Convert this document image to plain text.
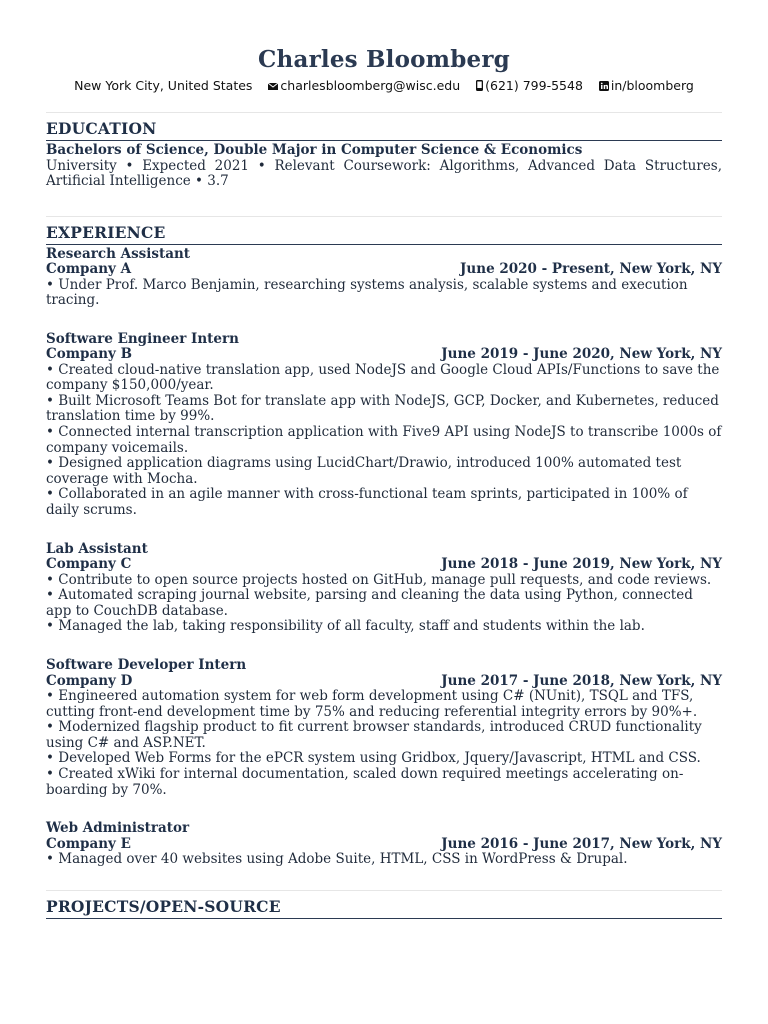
Charles Bloomberg
New York City, United States charlesbloomberg@wisc.edu (621) 799-5548 in/bloomberg
EDUCATION
Bachelors of Science, Double Major in Computer Science & Economics
University • Expected 2021 • Relevant Coursework: Algorithms, Advanced Data Structures, Artificial Intelligence • 3.7
EXPERIENCE
Research Assistant
Company A	June 2020 - Present, New York, NY
• Under Prof. Marco Benjamin, researching systems analysis, scalable systems and execution tracing.
Software Engineer Intern
Company B	June 2019 - June 2020, New York, NY
• Created cloud-native translation app, used NodeJS and Google Cloud APIs/Functions to save the company $150,000/year.
• Built Microsoft Teams Bot for translate app with NodeJS, GCP, Docker, and Kubernetes, reduced translation time by 99%.
• Connected internal transcription application with Five9 API using NodeJS to transcribe 1000s of company voicemails.
• Designed application diagrams using LucidChart/Drawio, introduced 100% automated test coverage with Mocha.
• Collaborated in an agile manner with cross-functional team sprints, participated in 100% of daily scrums.
Lab Assistant
Company C	June 2018 - June 2019, New York, NY
• Contribute to open source projects hosted on GitHub, manage pull requests, and code reviews.
• Automated scraping journal website, parsing and cleaning the data using Python, connected app to CouchDB database.
• Managed the lab, taking responsibility of all faculty, staff and students within the lab.
Software Developer Intern
Company D	June 2017 - June 2018, New York, NY
• Engineered automation system for web form development using C# (NUnit), TSQL and TFS, cutting front-end development time by 75% and reducing referential integrity errors by 90%+.
• Modernized flagship product to fit current browser standards, introduced CRUD functionality using C# and ASP.NET.
• Developed Web Forms for the ePCR system using Gridbox, Jquery/Javascript, HTML and CSS.
• Created xWiki for internal documentation, scaled down required meetings accelerating on-boarding by 70%.
Web Administrator
Company E	June 2016 - June 2017, New York, NY
• Managed over 40 websites using Adobe Suite, HTML, CSS in WordPress & Drupal.
PROJECTS/OPEN-SOURCE
